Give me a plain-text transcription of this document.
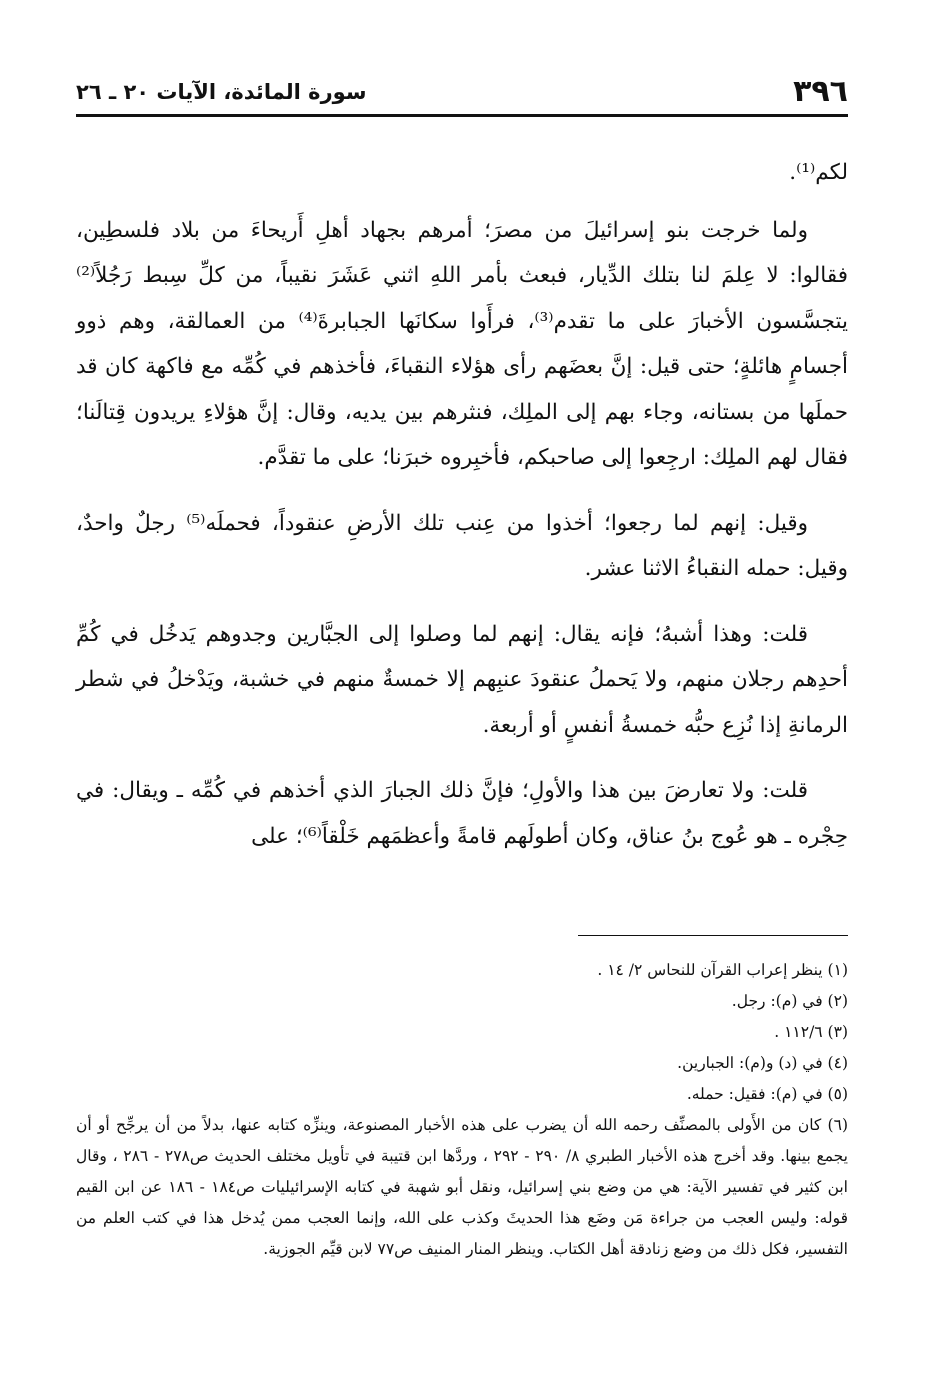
٣٩٦
سورة المائدة، الآيات ٢٠ ـ ٢٦

لكم⁽¹⁾.

ولما خرجت بنو إسرائيلَ من مصرَ؛ أمرهم بجهاد أهلِ أَريحاءَ من بلاد فلسطِين، فقالوا: لا عِلمَ لنا بتلك الدِّيار، فبعث بأمر اللهِ اثني عَشَرَ نقيباً، من كلِّ سِبط رَجُلاً⁽²⁾ يتجسَّسون الأخبارَ على ما تقدم⁽³⁾، فرأَوا سكانَها الجبابرةَ⁽⁴⁾ من العمالقة، وهم ذوو أجسامٍ هائلةٍ؛ حتى قيل: إنَّ بعضَهم رأى هؤلاء النقباءَ، فأخذهم في كُمِّه مع فاكهة كان قد حملَها من بستانه، وجاء بهم إلى الملِك، فنثرهم بين يديه، وقال: إنَّ هؤلاءِ يريدون قِتالَنا؛ فقال لهم الملِك: ارجِعوا إلى صاحبكم، فأخبِروه خبرَنا؛ على ما تقدَّم.

وقيل: إنهم لما رجعوا؛ أخذوا من عِنب تلك الأرضِ عنقوداً، فحملَه⁽⁵⁾ رجلٌ واحدٌ، وقيل: حمله النقباءُ الاثنا عشر.

قلت: وهذا أشبهُ؛ فإنه يقال: إنهم لما وصلوا إلى الجبَّارين وجدوهم يَدخُل في كُمِّ أحدِهم رجلان منهم، ولا يَحملُ عنقودَ عنبِهم إلا خمسةٌ منهم في خشبة، ويَدْخلُ في شطر الرمانةِ إذا نُزِع حبُّه خمسةُ أنفسٍ أو أربعة.

قلت: ولا تعارضَ بين هذا والأولِ؛ فإنَّ ذلك الجبارَ الذي أخذهم في كُمِّه ـ ويقال: في حِجْره ـ هو عُوج بنُ عناق، وكان أطولَهم قامةً وأعظمَهم خَلْقاً⁽⁶⁾؛ على

(١) ينظر إعراب القرآن للنحاس ٢/ ١٤ .

(٢) في (م): رجل.

(٣) ١١٢/٦ .

(٤) في (د) و(م): الجبارين.

(٥) في (م): فقيل: حمله.

(٦) كان من الأَولى بالمصنِّف رحمه الله أن يضرب على هذه الأخبار المصنوعة، وينزِّه كتابه عنها، بدلاً من أن يرجِّح أو أن يجمع بينها. وقد أخرج هذه الأخبار الطبري ٨/ ٢٩٠ - ٢٩٢ ، وردَّها ابن قتيبة في تأويل مختلف الحديث ص٢٧٨ - ٢٨٦ ، وقال ابن كثير في تفسير الآية: هي من وضع بني إسرائيل، ونقل أبو شهبة في كتابه الإسرائيليات ص١٨٤ - ١٨٦ عن ابن القيم قوله: وليس العجب من جراءة مَن وضَع هذا الحديثَ وكذب على الله، وإنما العجب ممن يُدخل هذا في كتب العلم من التفسير، فكل ذلك من وضع زنادقة أهل الكتاب. وينظر المنار المنيف ص٧٧ لابن قيِّم الجوزية.
